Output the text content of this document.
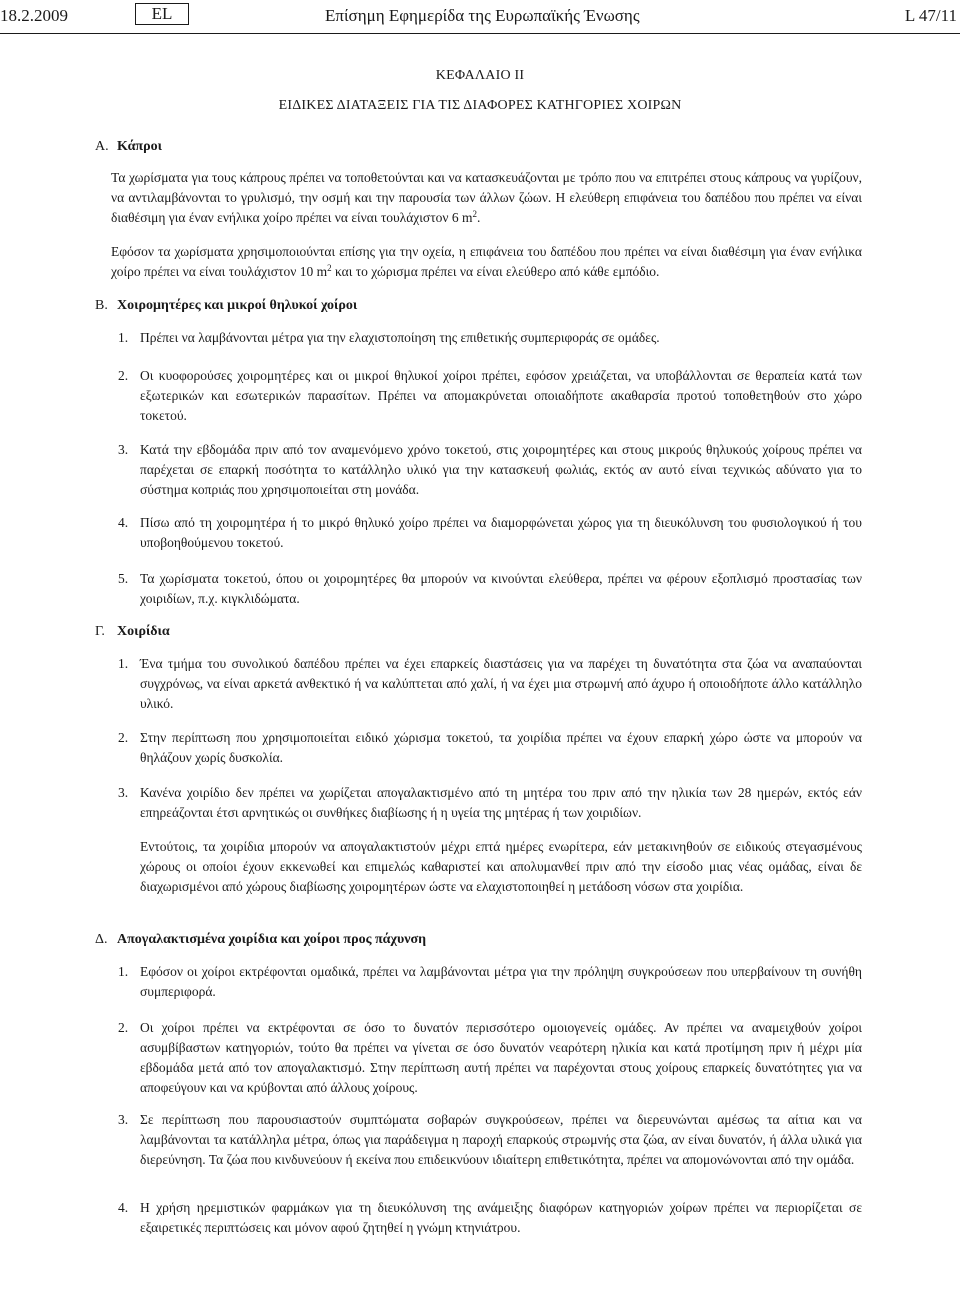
18.2.2009	EL	Επίσημη Εφημερίδα της Ευρωπαϊκής Ένωσης	L 47/11
ΚΕΦΑΛΑΙΟ II
ΕΙΔΙΚΕΣ ΔΙΑΤΑΞΕΙΣ ΓΙΑ ΤΙΣ ΔΙΑΦΟΡΕΣ ΚΑΤΗΓΟΡΙΕΣ ΧΟΙΡΩΝ
Α. Κάπροι
Τα χωρίσματα για τους κάπρους πρέπει να τοποθετούνται και να κατασκευάζονται με τρόπο που να επιτρέπει στους κάπρους να γυρίζουν, να αντιλαμβάνονται το γρυλισμό, την οσμή και την παρουσία των άλλων ζώων. Η ελεύθερη επιφάνεια του δαπέδου που πρέπει να είναι διαθέσιμη για έναν ενήλικα χοίρο πρέπει να είναι τουλάχιστον 6 $m^2$.
Εφόσον τα χωρίσματα χρησιμοποιούνται επίσης για την οχεία, η επιφάνεια του δαπέδου που πρέπει να είναι διαθέσιμη για έναν ενήλικα χοίρο πρέπει να είναι τουλάχιστον 10 $m^2$ και το χώρισμα πρέπει να είναι ελεύθερο από κάθε εμπόδιο.
Β. Χοιρομητέρες και μικροί θηλυκοί χοίροι
1. Πρέπει να λαμβάνονται μέτρα για την ελαχιστοποίηση της επιθετικής συμπεριφοράς σε ομάδες.
2. Οι κυοφορούσες χοιρομητέρες και οι μικροί θηλυκοί χοίροι πρέπει, εφόσον χρειάζεται, να υποβάλλονται σε θεραπεία κατά των εξωτερικών και εσωτερικών παρασίτων. Πρέπει να απομακρύνεται οποιαδήποτε ακαθαρσία προτού τοποθετηθούν στο χώρο τοκετού.
3. Κατά την εβδομάδα πριν από τον αναμενόμενο χρόνο τοκετού, στις χοιρομητέρες και στους μικρούς θηλυκούς χοίρους πρέπει να παρέχεται σε επαρκή ποσότητα το κατάλληλο υλικό για την κατασκευή φωλιάς, εκτός αν αυτό είναι τεχνικώς αδύνατο για το σύστημα κοπριάς που χρησιμοποιείται στη μονάδα.
4. Πίσω από τη χοιρομητέρα ή το μικρό θηλυκό χοίρο πρέπει να διαμορφώνεται χώρος για τη διευκόλυνση του φυσιολογικού ή του υποβοηθούμενου τοκετού.
5. Τα χωρίσματα τοκετού, όπου οι χοιρομητέρες θα μπορούν να κινούνται ελεύθερα, πρέπει να φέρουν εξοπλισμό προστασίας των χοιριδίων, π.χ. κιγκλιδώματα.
Γ. Χοιρίδια
1. Ένα τμήμα του συνολικού δαπέδου πρέπει να έχει επαρκείς διαστάσεις για να παρέχει τη δυνατότητα στα ζώα να αναπαύονται συγχρόνως, να είναι αρκετά ανθεκτικό ή να καλύπτεται από χαλί, ή να έχει μια στρωμνή από άχυρο ή οποιοδήποτε άλλο κατάλληλο υλικό.
2. Στην περίπτωση που χρησιμοποιείται ειδικό χώρισμα τοκετού, τα χοιρίδια πρέπει να έχουν επαρκή χώρο ώστε να μπορούν να θηλάζουν χωρίς δυσκολία.
3. Κανένα χοιρίδιο δεν πρέπει να χωρίζεται απογαλακτισμένο από τη μητέρα του πριν από την ηλικία των 28 ημερών, εκτός εάν επηρεάζονται έτσι αρνητικώς οι συνθήκες διαβίωσης ή η υγεία της μητέρας ή των χοιριδίων.
Εντούτοις, τα χοιρίδια μπορούν να απογαλακτιστούν μέχρι επτά ημέρες ενωρίτερα, εάν μετακινηθούν σε ειδικούς στεγασμένους χώρους οι οποίοι έχουν εκκενωθεί και επιμελώς καθαριστεί και απολυμανθεί πριν από την είσοδο μιας νέας ομάδας, είναι δε διαχωρισμένοι από χώρους διαβίωσης χοιρομητέρων ώστε να ελαχιστοποιηθεί η μετάδοση νόσων στα χοιρίδια.
Δ. Απογαλακτισμένα χοιρίδια και χοίροι προς πάχυνση
1. Εφόσον οι χοίροι εκτρέφονται ομαδικά, πρέπει να λαμβάνονται μέτρα για την πρόληψη συγκρούσεων που υπερβαίνουν τη συνήθη συμπεριφορά.
2. Οι χοίροι πρέπει να εκτρέφονται σε όσο το δυνατόν περισσότερο ομοιογενείς ομάδες. Αν πρέπει να αναμειχθούν χοίροι ασυμβίβαστων κατηγοριών, τούτο θα πρέπει να γίνεται σε όσο δυνατόν νεαρότερη ηλικία και κατά προτίμηση πριν ή μέχρι μία εβδομάδα μετά από τον απογαλακτισμό. Στην περίπτωση αυτή πρέπει να παρέχονται στους χοίρους επαρκείς δυνατότητες για να αποφεύγουν και να κρύβονται από άλλους χοίρους.
3. Σε περίπτωση που παρουσιαστούν συμπτώματα σοβαρών συγκρούσεων, πρέπει να διερευνώνται αμέσως τα αίτια και να λαμβάνονται τα κατάλληλα μέτρα, όπως για παράδειγμα η παροχή επαρκούς στρωμνής στα ζώα, αν είναι δυνατόν, ή άλλα υλικά για διερεύνηση. Τα ζώα που κινδυνεύουν ή εκείνα που επιδεικνύουν ιδιαίτερη επιθετικότητα, πρέπει να απομονώνονται από την ομάδα.
4. Η χρήση ηρεμιστικών φαρμάκων για τη διευκόλυνση της ανάμειξης διαφόρων κατηγοριών χοίρων πρέπει να περιορίζεται σε εξαιρετικές περιπτώσεις και μόνον αφού ζητηθεί η γνώμη κτηνιάτρου.
